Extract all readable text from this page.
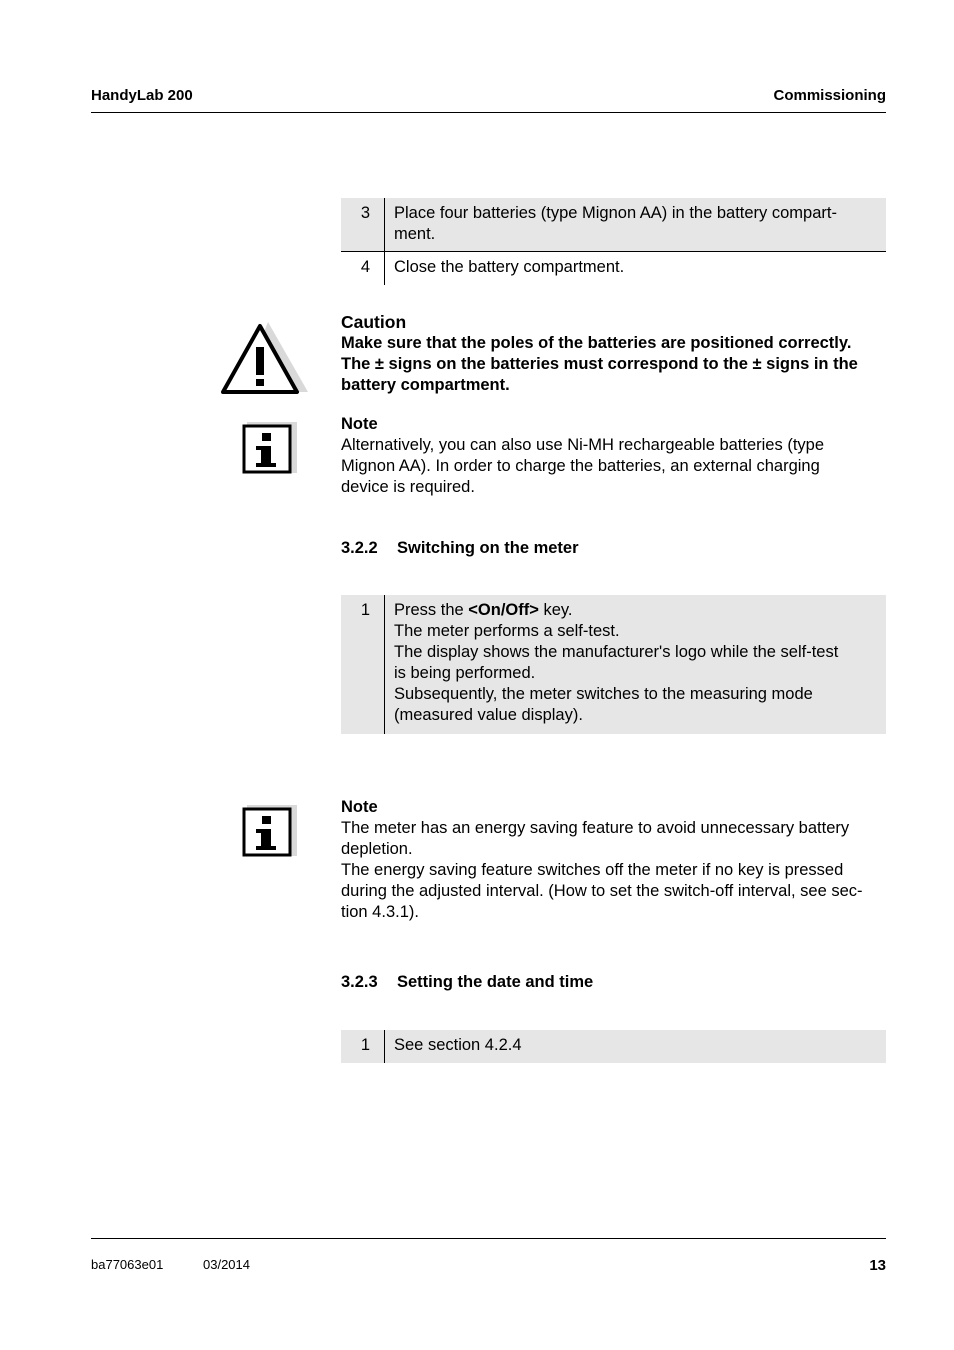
HandyLab 200	Commissioning
3	Place four batteries (type Mignon AA) in the battery compart-
ment.

4	Close the battery compartment.
Caution
Make sure that the poles of the batteries are positioned correctly.
The ± signs on the batteries must correspond to the ± signs in the
battery compartment.
Note
Alternatively, you can also use Ni-MH rechargeable batteries (type
Mignon AA). In order to charge the batteries, an external charging
device is required.
3.2.2 Switching on the meter
1	Press the <On/Off> key.
The meter performs a self-test.
The display shows the manufacturer's logo while the self-test
is being performed.
Subsequently, the meter switches to the measuring mode
(measured value display).
Note
The meter has an energy saving feature to avoid unnecessary battery
depletion.
The energy saving feature switches off the meter if no key is pressed
during the adjusted interval. (How to set the switch-off interval, see sec-
tion 4.3.1).
3.2.3 Setting the date and time
1	See section 4.2.4
ba77063e01	03/2014	13
